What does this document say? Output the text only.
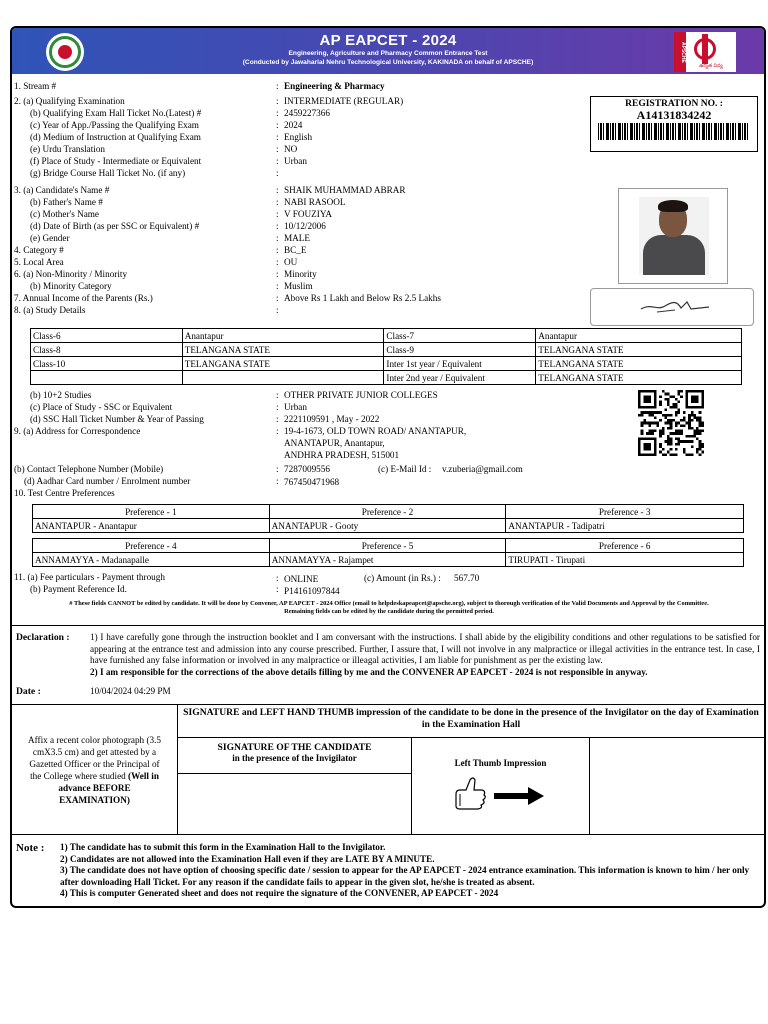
AP EAPCET - 2024
Engineering, Agriculture and Pharmacy Common Entrance Test
(Conducted by Jawaharlal Nehru Technological University, KAKINADA on behalf of APSCHE)
APSCHE
ఉన్నత విద్య
1. Stream #	: Engineering & Pharmacy
2. (a) Qualifying Examination	: INTERMEDIATE (REGULAR)
(b) Qualifying Exam Hall Ticket No.(Latest) #	: 2459227366
(c) Year of App./Passing the Qualifying Exam	: 2024
(d) Medium of Instruction at Qualifying Exam	: English
(e) Urdu Translation	: NO
(f) Place of Study - Intermediate or Equivalent	: Urban
(g) Bridge Course Hall Ticket No. (if any)	:
3. (a) Candidate's Name #	: SHAIK MUHAMMAD ABRAR
(b) Father's Name #	: NABI RASOOL
(c) Mother's Name	: V FOUZIYA
(d) Date of Birth (as per SSC or Equivalent) #	: 10/12/2006
(e) Gender	: MALE
4. Category #	: BC_E
5. Local Area	: OU
6. (a) Non-Minority / Minority	: Minority
(b) Minority Category	: Muslim
7. Annual Income of the Parents (Rs.)	: Above Rs 1 Lakh and Below Rs 2.5 Lakhs
8. (a) Study Details	:
REGISTRATION NO. :
A14131834242
Class-6	Anantapur	Class-7	Anantapur
Class-8	TELANGANA STATE	Class-9	TELANGANA STATE
Class-10	TELANGANA STATE	Inter 1st year / Equivalent	TELANGANA STATE
		Inter 2nd year / Equivalent	TELANGANA STATE
(b) 10+2 Studies	: OTHER PRIVATE JUNIOR COLLEGES
(c) Place of Study - SSC or Equivalent	: Urban
(d) SSC Hall Ticket Number & Year of Passing	: 2221109591 , May - 2022
9. (a) Address for Correspondence	: 19-4-1673, OLD TOWN ROAD/ ANANTAPUR,
ANANTAPUR, Anantapur,
ANDHRA PRADESH, 515001
(b) Contact Telephone Number (Mobile)	: 7287009556	(c) E-Mail Id : v.zuberia@gmail.com
(d) Aadhar Card number / Enrolment number	: 767450471968
10. Test Centre Preferences
Preference - 1	Preference - 2	Preference - 3
ANANTAPUR - Anantapur	ANANTAPUR - Gooty	ANANTAPUR - Tadipatri
Preference - 4	Preference - 5	Preference - 6
ANNAMAYYA - Madanapalle	ANNAMAYYA - Rajampet	TIRUPATI - Tirupati
11. (a) Fee particulars - Payment through	: ONLINE	(c) Amount (in Rs.) : 567.70
(b) Payment Reference Id.	: P14161097844
# These fields CANNOT be edited by candidate. It will be done by Convener, AP EAPCET - 2024 Office (email to helpdeskapeapcet@apsche.org), subject to thorough verification of the Valid Documents and Approval by the Committee.
Remaining fields can be edited by the candidate during the permitted period.
Declaration : 1) I have carefully gone through the instruction booklet and I am conversant with the instructions. I shall abide by the eligibility conditions and other regulations to be satisfied for appearing at the entrance test and admission into any course prescribed. Further, I assure that, I will not involve in any malpractice or illegal activities in the entrance test. In case, I have furnished any false information or involved in any malpractice or illeagal activities, I am liable for punishment as per the existing law.
2) I am responsible for the corrections of the above details filling by me and the CONVENER AP EAPCET - 2024 is not responsible in anyway.
Date :	10/04/2024 04:29 PM
Affix a recent color photograph (3.5 cmX3.5 cm) and get attested by a Gazetted Officer or the Principal of the College where studied (Well in advance BEFORE EXAMINATION)
SIGNATURE and LEFT HAND THUMB impression of the candidate to be done in the presence of the Invigilator on the day of Examination in the Examination Hall
SIGNATURE OF THE CANDIDATE
in the presence of the Invigilator	Left Thumb Impression
Note : 1) The candidate has to submit this form in the Examination Hall to the Invigilator.
2) Candidates are not allowed into the Examination Hall even if they are LATE BY A MINUTE.
3) The candidate does not have option of choosing specific date / session to appear for the AP EAPCET - 2024 entrance examination. This information is known to him / her only after downloading Hall Ticket. For any reason if the candidate fails to appear in the given slot, he/she is treated as absent.
4) This is computer Generated sheet and does not require the signature of the CONVENER, AP EAPCET - 2024
